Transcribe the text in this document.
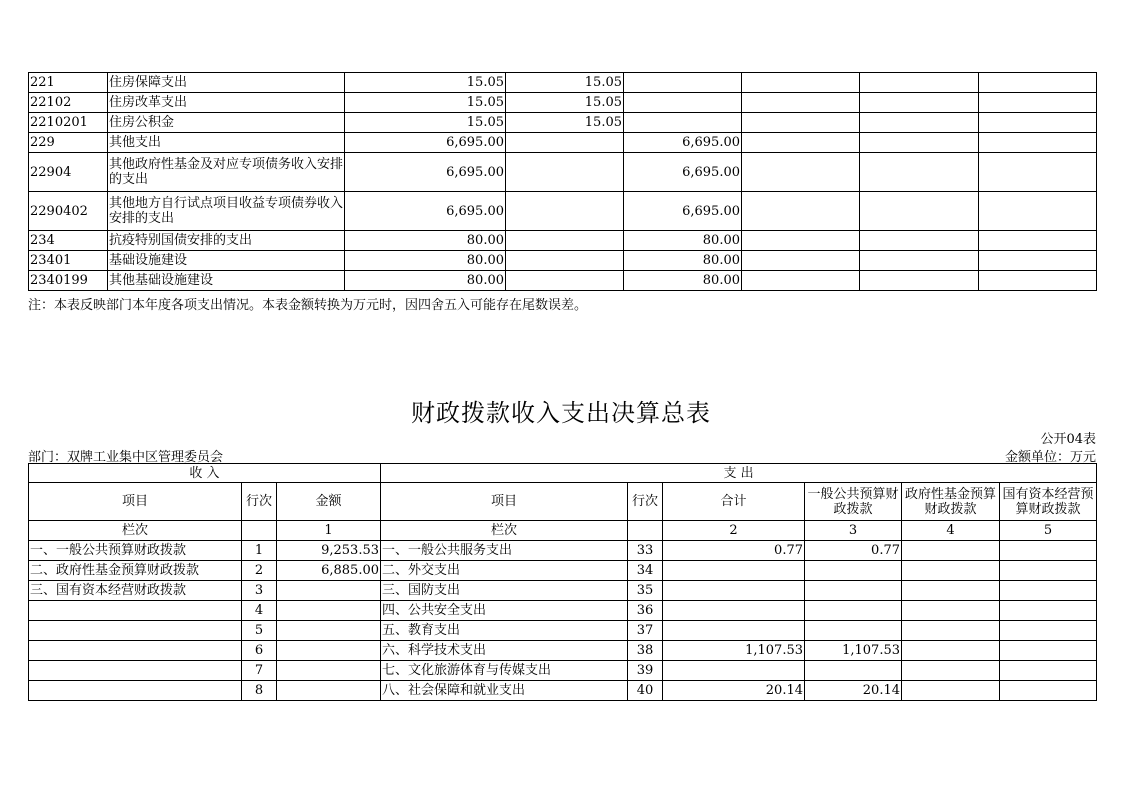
221	住房保障支出	15.05	15.05				
22102	住房改革支出	15.05	15.05				
2210201	住房公积金	15.05	15.05				
229	其他支出	6,695.00		6,695.00			
22904	其他政府性基金及对应专项债务收入安排的支出	6,695.00		6,695.00			
2290402	其他地方自行试点项目收益专项债券收入安排的支出	6,695.00		6,695.00			
234	抗疫特别国债安排的支出	80.00		80.00			
23401	基础设施建设	80.00		80.00			
2340199	其他基础设施建设	80.00		80.00			
注：本表反映部门本年度各项支出情况。本表金额转换为万元时，因四舍五入可能存在尾数误差。
财政拨款收入支出决算总表
公开04表
部门：双牌工业集中区管理委员会	金额单位：万元
收 入			支 出					
项目	行次	金额	项目	行次	合计	一般公共预算财政拨款	政府性基金预算财政拨款	国有资本经营预算财政拨款
栏次		1	栏次		2	3	4	5
一、一般公共预算财政拨款	1	9,253.53	一、一般公共服务支出	33	0.77	0.77		
二、政府性基金预算财政拨款	2	6,885.00	二、外交支出	34				
三、国有资本经营财政拨款	3		三、国防支出	35				
	4		四、公共安全支出	36				
	5		五、教育支出	37				
	6		六、科学技术支出	38	1,107.53	1,107.53		
	7		七、文化旅游体育与传媒支出	39				
	8		八、社会保障和就业支出	40	20.14	20.14		
